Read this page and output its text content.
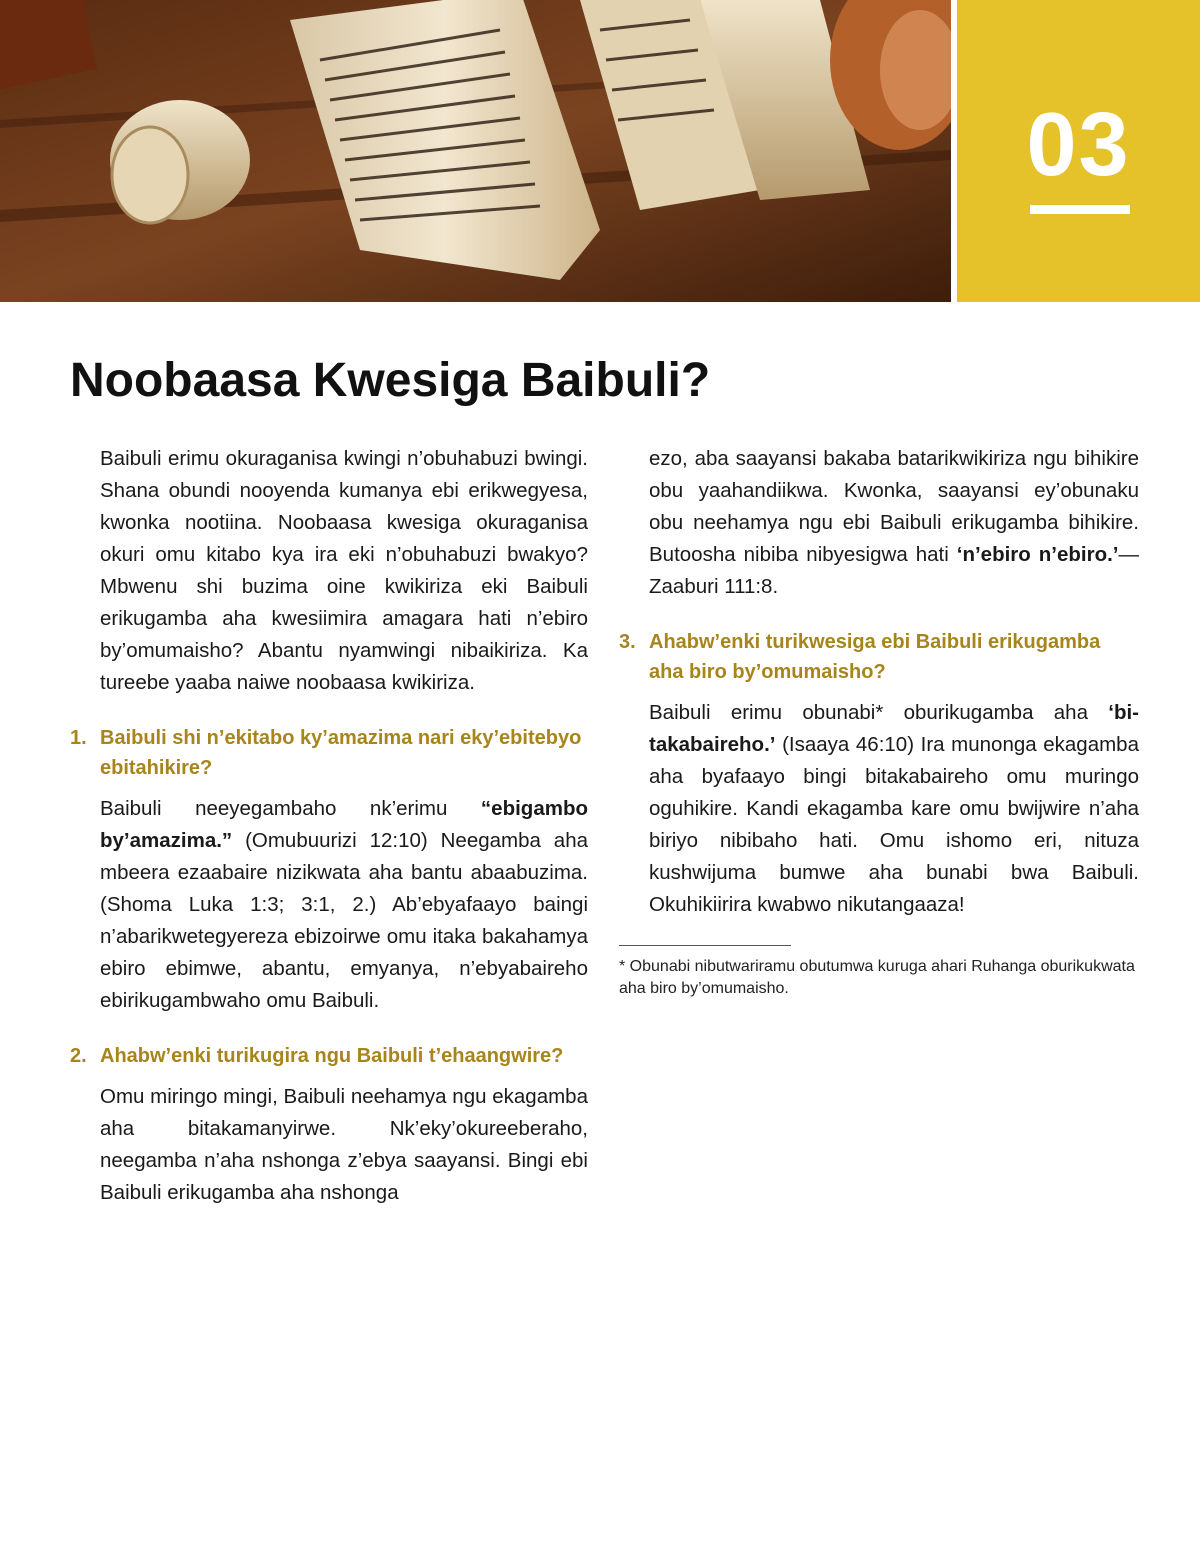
03
Noobaasa Kwesiga Baibuli?

Baibuli erimu okuraganisa kwingi n’obuhabuzi bwingi. Shana obundi nooyenda kumanya ebi erikwegyesa, kwonka nootiina. Noobaasa kwesiga okuraganisa okuri omu kitabo kya ira eki n’obuhabuzi bwakyo? Mbwenu shi buzima oine kwikiriza eki Baibuli erikugamba aha kwesiimira amagara hati n’ebiro by’omumaisho? Abantu nyamwingi nibaikiriza. Ka tureebe yaaba naiwe noobaasa kwikiriza.

1. Baibuli shi n’ekitabo ky’amazima nari eky’ebitebyo ebitahikire?

Baibuli neeyegambaho nk’erimu “ebigambo by’amazima.” (Omubuurizi 12:10) Neegamba aha mbeera ezaabaire nizikwata aha bantu abaabuzima. (Shoma Luka 1:3; 3:1, 2.) Ab’ebyafaayo baingi n’abarikwetegyereza ebizoirwe omu itaka bakahamya ebiro ebimwe, abantu, emyanya, n’ebyabaireho ebirikugambwaho omu Baibuli.

2. Ahabw’enki turikugira ngu Baibuli t’ehaangwire?

Omu miringo mingi, Baibuli neehamya ngu ekagamba aha bitakamanyirwe. Nk’eky’okureeberaho, neegamba n’aha nshonga z’ebya saayansi. Bingi ebi Baibuli erikugamba aha nshonga

ezo, aba saayansi bakaba batarikwikiriza ngu bihikire obu yaahandiikwa. Kwonka, saayansi ey’obunaku obu neehamya ngu ebi Baibuli erikugamba bihikire. Butoosha nibiba nibyesigwa hati ‘n’ebiro n’ebiro.’—Zaaburi 111:8.

3. Ahabw’enki turikwesiga ebi Baibuli erikugamba aha biro by’omumaisho?

Baibuli erimu obunabi* oburikugamba aha ‘bitakabaireho.’ (Isaaya 46:10) Ira munonga ekagamba aha byafaayo bingi bitakabaireho omu muringo oguhikire. Kandi ekagamba kare omu bwijwire n’aha biriyo nibibaho hati. Omu ishomo eri, nituza kushwijuma bumwe aha bunabi bwa Baibuli. Okuhikiirira kwabwo nikutangaaza!

* Obunabi nibutwariramu obutumwa kuruga ahari Ruhanga oburikukwata aha biro by’omumaisho.
